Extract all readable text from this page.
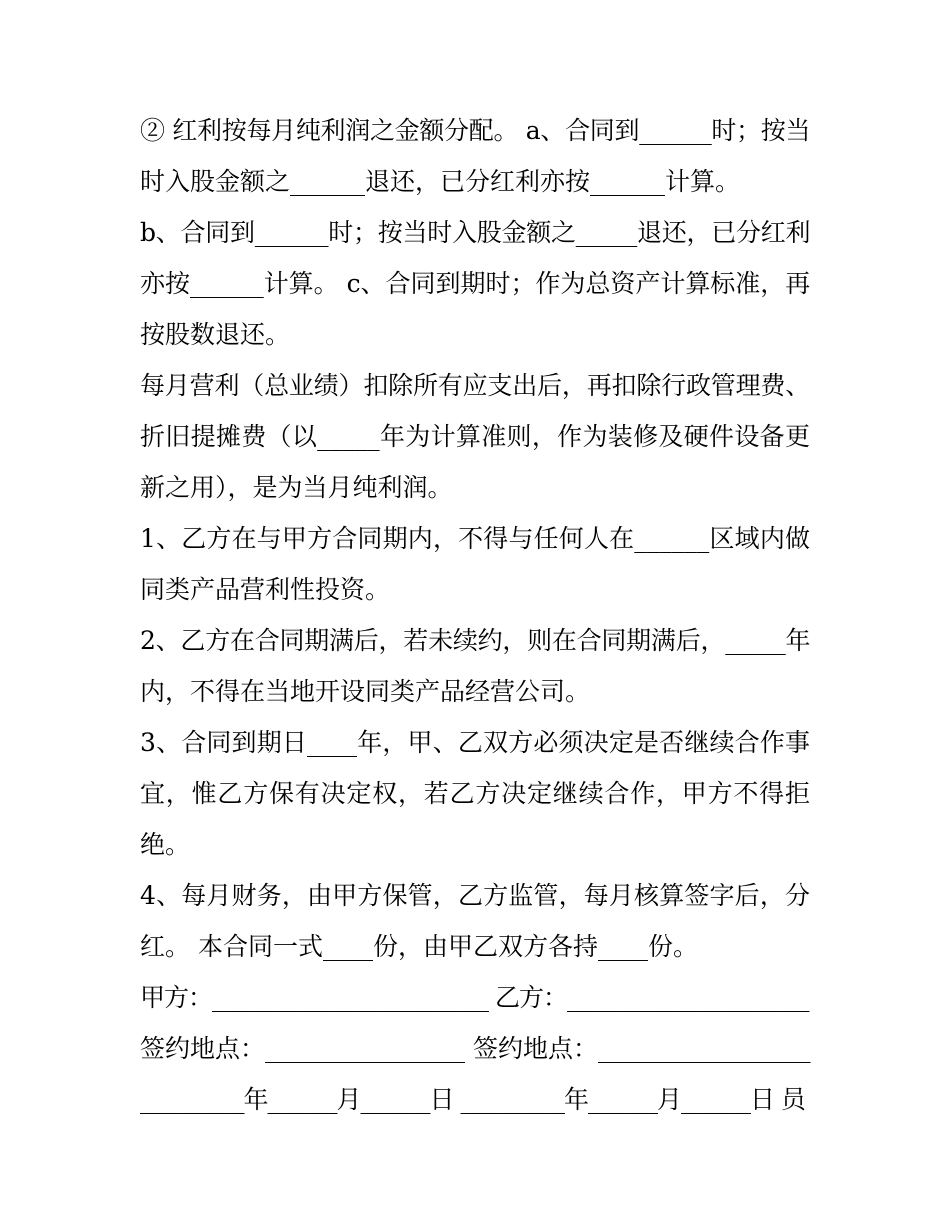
② 红利按每月纯利润之金额分配。 a、合同到______时；按当
时入股金额之______退还，已分红利亦按______计算。
b、合同到______时；按当时入股金额之_____退还，已分红利
亦按______计算。 c、合同到期时；作为总资产计算标准，再
按股数退还。
每月营利（总业绩）扣除所有应支出后，再扣除行政管理费、
折旧提摊费（以_____年为计算准则，作为装修及硬件设备更
新之用），是为当月纯利润。
1、乙方在与甲方合同期内，不得与任何人在______区域内做
同类产品营利性投资。
2、乙方在合同期满后，若未续约，则在合同期满后，_____年
内，不得在当地开设同类产品经营公司。
3、合同到期日____年，甲、乙双方必须决定是否继续合作事
宜，惟乙方保有决定权，若乙方决定继续合作，甲方不得拒
绝。
4、每月财务，由甲方保管，乙方监管，每月核算签字后，分
红。 本合同一式____份，由甲乙双方各持____份。
甲方：________________________ 乙方：_____________________
签约地点：________________ 签约地点：_________________
_________年______月______日 _________年______月______日 员
